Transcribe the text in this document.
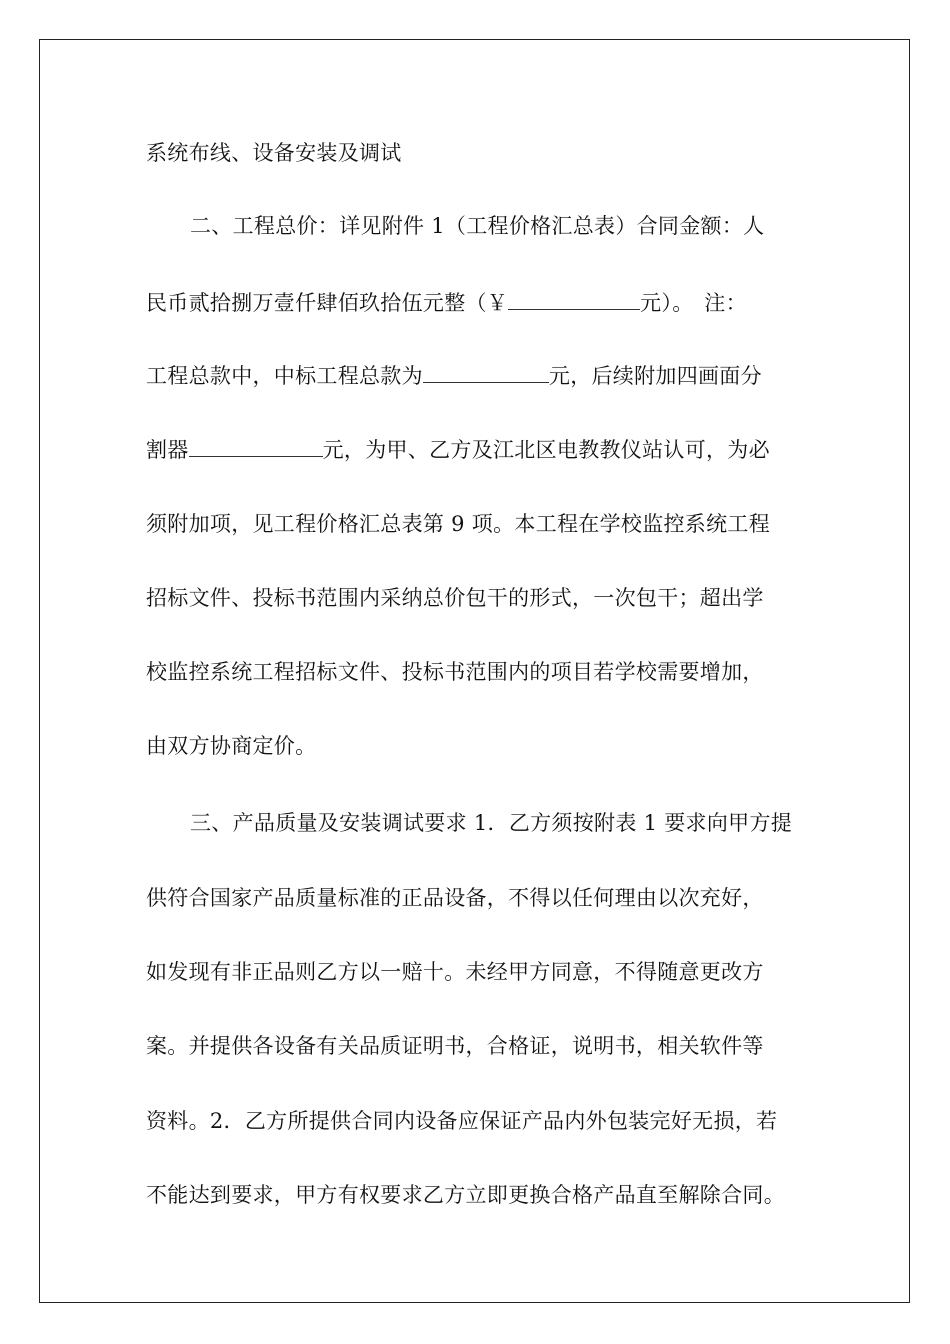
系统布线、设备安装及调试
二、工程总价：详见附件 1（工程价格汇总表）合同金额：人
民币贰拾捌万壹仟肆佰玖拾伍元整（￥	元）。　注：
工程总款中，中标工程总款为	元，后续附加四画面分
割器	元，为甲、乙方及江北区电教教仪站认可，为必
须附加项，见工程价格汇总表第 9 项。本工程在学校监控系统工程
招标文件、投标书范围内采纳总价包干的形式，一次包干；超出学
校监控系统工程招标文件、投标书范围内的项目若学校需要增加，
由双方协商定价。
三、产品质量及安装调试要求 1．乙方须按附表 1 要求向甲方提
供符合国家产品质量标准的正品设备，不得以任何理由以次充好，
如发现有非正品则乙方以一赔十。未经甲方同意，不得随意更改方
案。并提供各设备有关品质证明书，合格证，说明书，相关软件等
资料。2．乙方所提供合同内设备应保证产品内外包装完好无损，若
不能达到要求，甲方有权要求乙方立即更换合格产品直至解除合同。
